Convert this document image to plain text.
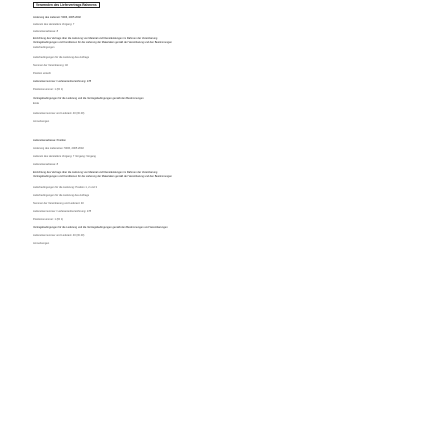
Verwenden des Liefervertrags Rahmens
Änderung des Lieferant: 5006, 2005 2002
Lieferant des Herstellers Vorgang: 7
Lieferantenadresse: 8
Einrichtung des Vertrags über die Lieferung von Material und Dienstleistungen im Rahmen der Vereinbarung
Vertragsbedingungen und Konditionen für die Lieferung der Materialien gemäß der Vereinbarung und den Bestimmungen
Lieferbedingungen
Lieferbedingungen für die Lieferung des Auftrags
Nummer der Vereinbarung: 40
Position erstellt
Lieferantennummer / Lieferantenbezeichnung: 178
Positionsnummer: 1 (ID 1)
Vertragsbedingungen für die Lieferung und die Vertragsbedingungen gemäß den Bestimmungen
Ende
Lieferantennummer und Lieferant: 40 (ID 40)
Anmerkungen
Lieferantenadresse: Position
Änderung des Lieferanten: 5006, 2005 2002
Lieferant des Herstellers Vorgang: 7 Vorgang: Vorgang
Lieferantenadresse: 8
Einrichtung des Vertrags über die Lieferung von Material und Dienstleistungen im Rahmen der Vereinbarung
Vertragsbedingungen und Konditionen für die Lieferung der Materialien gemäß der Vereinbarung und den Bestimmungen
Lieferbedingungen für die Lieferung: Position 1, 2 und 3
Lieferbedingungen für die Lieferung des Auftrags
Nummer der Vereinbarung und Lieferant: 40
Lieferantennummer / Lieferantenbezeichnung: 178
Positionsnummer: 1 (ID 1)
Vertragsbedingungen für die Lieferung und die Vertragsbedingungen gemäß den Bestimmungen und Vereinbarungen
Lieferantennummer und Lieferant: 40 (ID 40)
Anmerkungen
